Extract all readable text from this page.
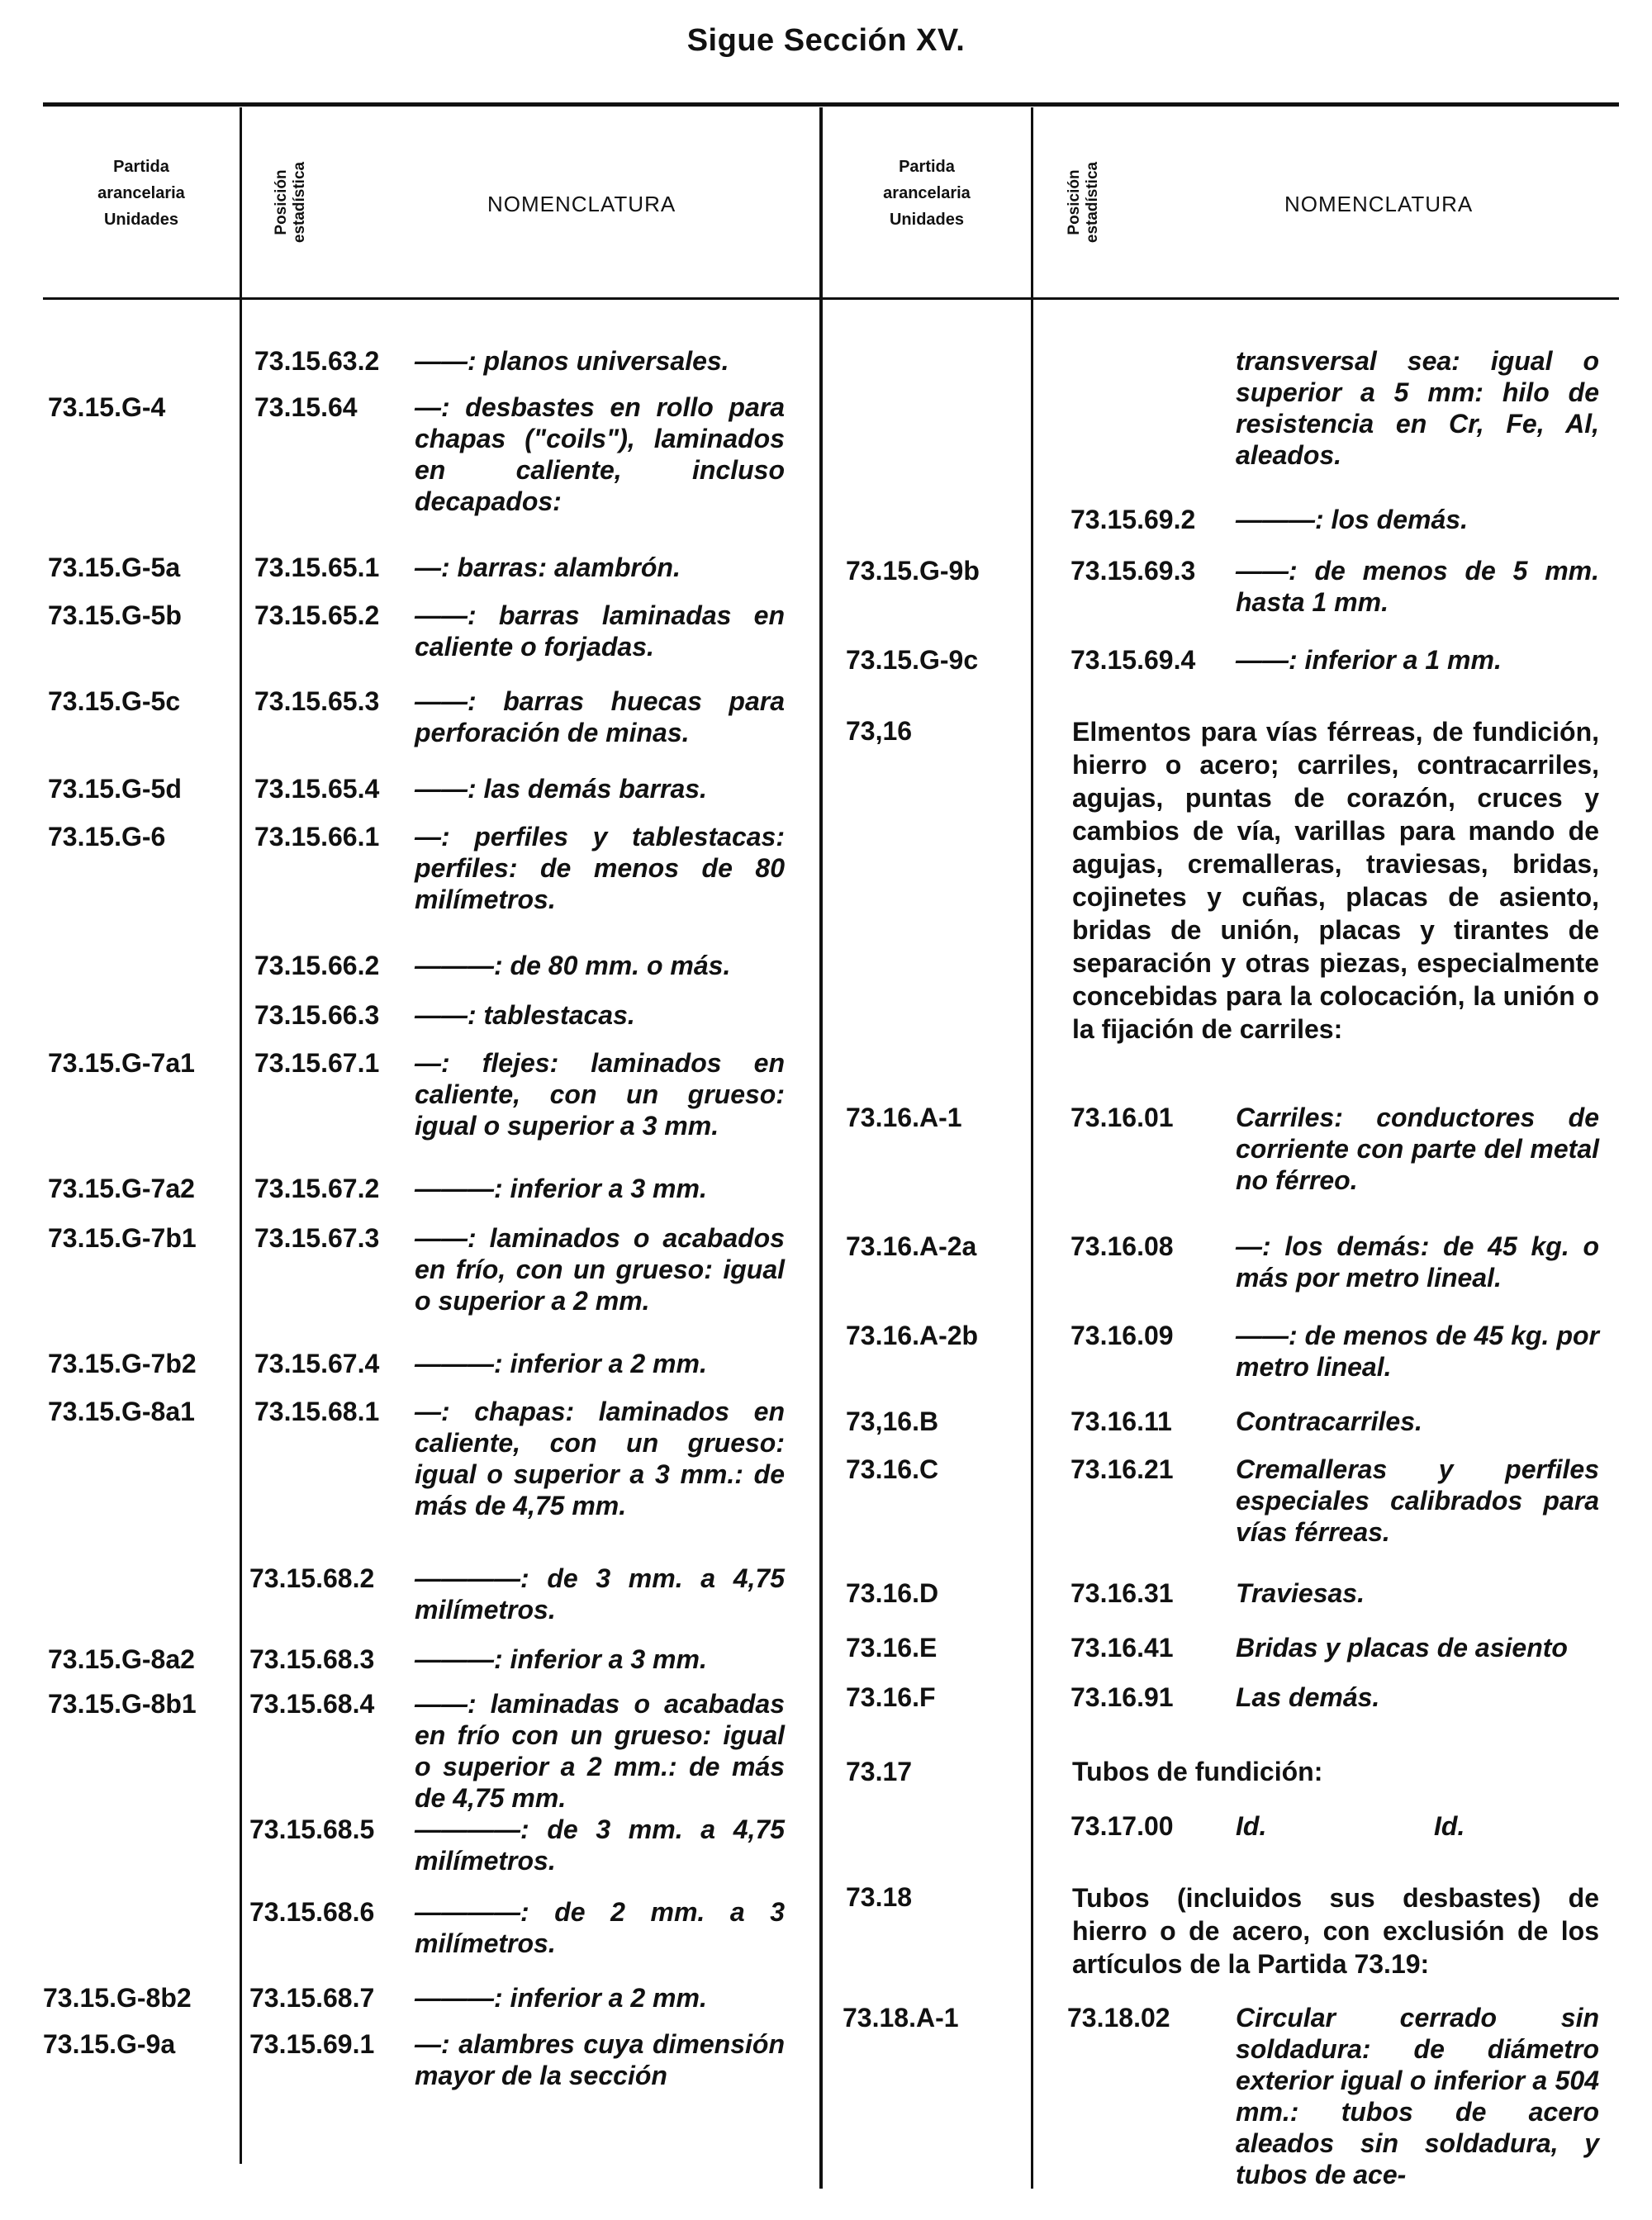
Sigue Sección XV.
Partida
arancelaria
Unidades	Posición estadística	NOMENCLATURA
Partida
arancelaria
Unidades	Posición estadística	NOMENCLATURA
73.15.63.2 ——: planos universales.
73.15.G-4	73.15.64 —: desbastes en rollo para chapas ("coils"), laminados en caliente, incluso decapados:
73.15.G-5a	73.15.65.1 —: barras: alambrón.
73.15.G-5b	73.15.65.2 ——: barras laminadas en caliente o forjadas.
73.15.G-5c	73.15.65.3 ——: barras huecas para perforación de minas.
73.15.G-5d	73.15.65.4 ——: las demás barras.
73.15.G-6	73.15.66.1 —: perfiles y tablestacas: perfiles: de menos de 80 milímetros.
73.15.66.2 ———: de 80 mm. o más.
73.15.66.3 ——: tablestacas.
73.15.G-7a1 73.15.67.1 —: flejes: laminados en caliente, con un grueso: igual o superior a 3 mm.
73.15.G-7a2 73.15.67.2 ———: inferior a 3 mm.
73.15.G-7b1 73.15.67.3 ——: laminados o acabados en frío, con un grueso: igual o superior a 2 mm.
73.15.G-7b2 73.15.67.4 ———: inferior a 2 mm.
73.15.G-8a1 73.15.68.1 —: chapas: laminados en caliente, con un grueso: igual o superior a 3 mm.: de más de 4,75 mm.
73.15.68.2 ————: de 3 mm. a 4,75 milímetros.
73.15.G-8a2 73.15.68.3 ———: inferior a 3 mm.
73.15.G-8b1 73.15.68.4 ——: laminadas o acabadas en frío con un grueso: igual o superior a 2 mm.: de más de 4,75 mm.
73.15.68.5 ————: de 3 mm. a 4,75 milímetros.
73.15.68.6 ————: de 2 mm. a 3 milímetros.
73.15.G-8b2 73.15.68.7 ———: inferior a 2 mm.
73.15.G-9a	73.15.69.1 —: alambres cuya dimensión mayor de la sección
transversal sea: igual o superior a 5 mm: hilo de resistencia en Cr, Fe, Al, aleados.
73.15.69.2 ———: los demás.
73.15.G-9b	73.15.69.3 ——: de menos de 5 mm. hasta 1 mm.
73.15.G-9c	73.15.69.4 ——: inferior a 1 mm.
73,16	Elmentos para vías férreas, de fundición, hierro o acero; carriles, contracarriles, agujas, puntas de corazón, cruces y cambios de vía, varillas para mando de agujas, cremalleras, traviesas, bridas, cojinetes y cuñas, placas de asiento, bridas de unión, placas y tirantes de separación y otras piezas, especialmente concebidas para la colocación, la unión o la fijación de carriles:
73.16.A-1	73.16.01 Carriles: conductores de corriente con parte del metal no férreo.
73.16.A-2a	73.16.08 —: los demás: de 45 kg. o más por metro lineal.
73.16.A-2b	73.16.09 ——: de menos de 45 kg. por metro lineal.
73,16.B	73.16.11 Contracarriles.
73.16.C	73.16.21 Cremalleras y perfiles especiales calibrados para vías férreas.
73.16.D	73.16.31 Traviesas.
73.16.E	73.16.41 Bridas y placas de asiento
73.16.F	73.16.91 Las demás.
73.17	Tubos de fundición:
73.17.00 Id.	Id.
73.18	Tubos (incluidos sus desbastes) de hierro o de acero, con exclusión de los artículos de la Partida 73.19:
73.18.A-1	73.18.02 Circular cerrado sin soldadura: de diámetro exterior igual o inferior a 504 mm.: tubos de acero aleados sin soldadura, y tubos de ace-
